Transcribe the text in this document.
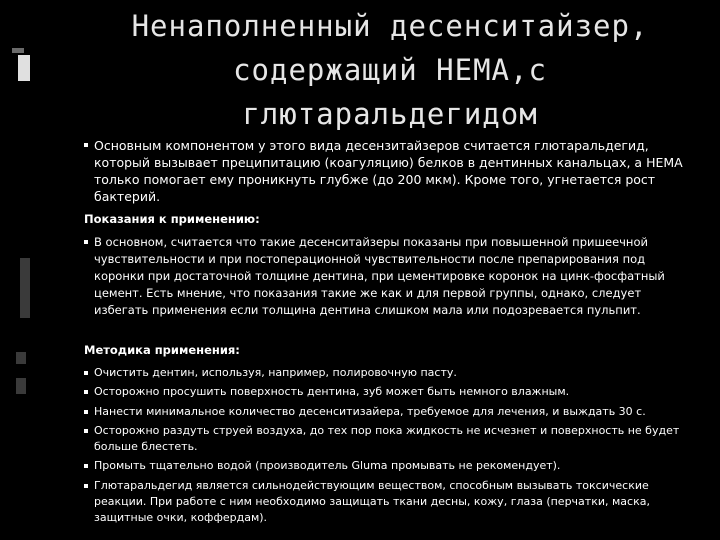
Ненаполненный десенситайзер,
содержащий НЕМА,с
глютаральдегидом
Основным компонентом у этого вида десензитайзеров считается глютаральдегид, который вызывает преципитацию (коагуляцию) белков в дентинных канальцах, а НЕМА только помогает ему проникнуть глубже (до 200 мкм). Кроме того, угнетается рост бактерий.
Показания к применению:
В основном, считается что такие десенситайзеры показаны при повышенной пришеечной чувствительности и при постоперационной чувствительности после препарирования под коронки при достаточной толщине дентина, при цементировке коронок на цинк-фосфатный цемент. Есть мнение, что показания такие же как и для первой группы, однако, следует избегать применения если толщина дентина слишком мала или подозревается пульпит.
Методика применения:
Очистить дентин, используя, например, полировочную пасту.
Осторожно просушить поверхность дентина, зуб может быть немного влажным.
Нанести минимальное количество десенситизайера, требуемое для лечения, и выждать 30 с.
Осторожно раздуть струей воздуха, до тех пор пока жидкость не исчезнет и поверхность не будет больше блестеть.
Промыть тщательно водой (производитель Gluma промывать не рекомендует).
Глютаральдегид является сильнодействующим веществом, способным вызывать токсические реакции. При работе с ним необходимо защищать ткани десны, кожу, глаза (перчатки, маска, защитные очки, коффердам).
